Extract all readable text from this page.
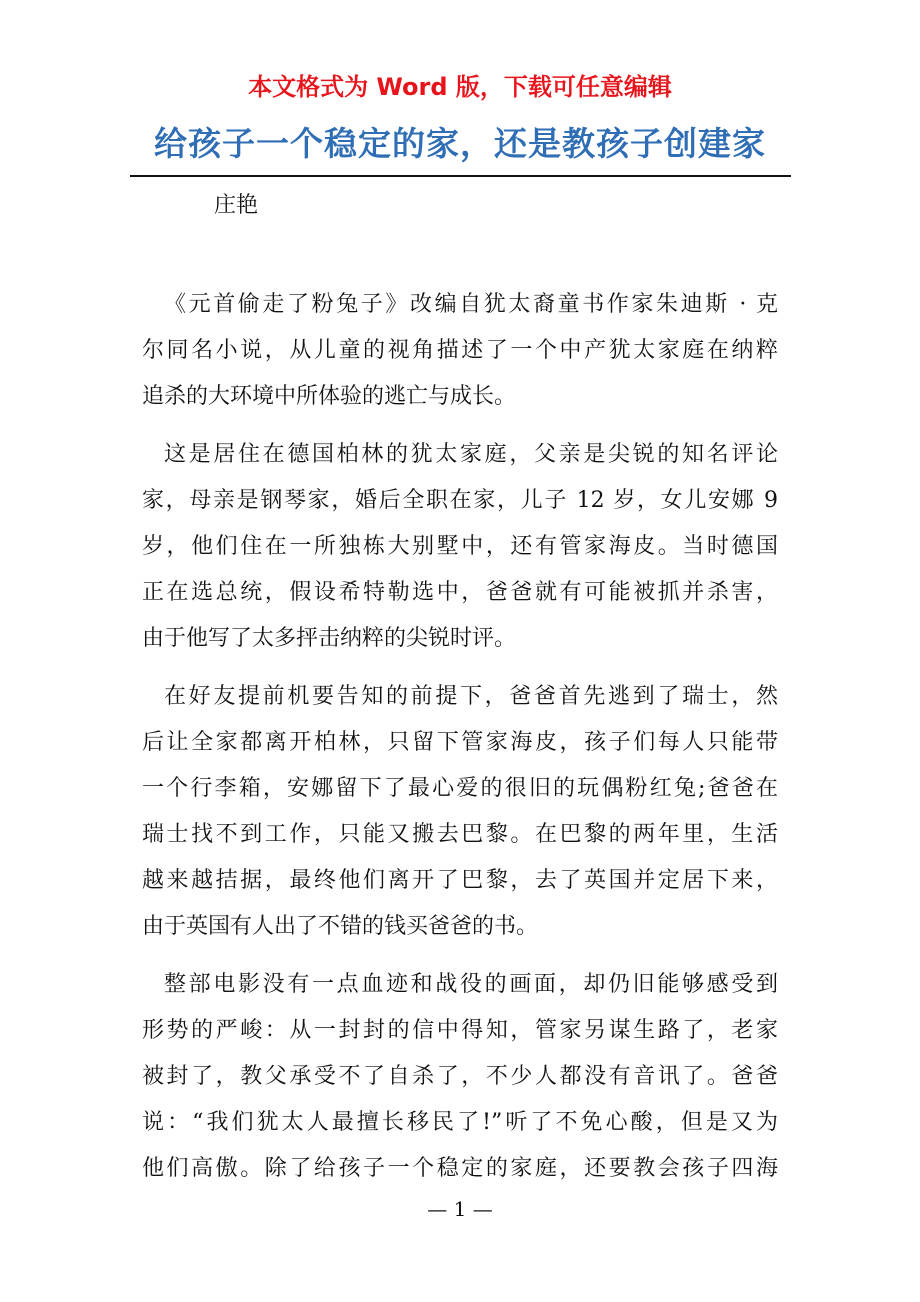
本文格式为 Word 版，下载可任意编辑
给孩子一个稳定的家，还是教孩子创建家
庄艳
《元首偷走了粉兔子》改编自犹太裔童书作家朱迪斯 · 克
尔同名小说，从儿童的视角描述了一个中产犹太家庭在纳粹
追杀的大环境中所体验的逃亡与成长。
这是居住在德国柏林的犹太家庭，父亲是尖锐的知名评论
家，母亲是钢琴家，婚后全职在家，儿子 12 岁，女儿安娜 9
岁，他们住在一所独栋大别墅中，还有管家海皮。当时德国
正在选总统，假设希特勒选中，爸爸就有可能被抓并杀害，
由于他写了太多抨击纳粹的尖锐时评。
在好友提前机要告知的前提下，爸爸首先逃到了瑞士，然
后让全家都离开柏林，只留下管家海皮，孩子们每人只能带
一个行李箱，安娜留下了最心爱的很旧的玩偶粉红兔;爸爸在
瑞士找不到工作，只能又搬去巴黎。在巴黎的两年里，生活
越来越拮据，最终他们离开了巴黎，去了英国并定居下来，
由于英国有人出了不错的钱买爸爸的书。
整部电影没有一点血迹和战役的画面，却仍旧能够感受到
形势的严峻：从一封封的信中得知，管家另谋生路了，老家
被封了，教父承受不了自杀了，不少人都没有音讯了。爸爸
说：“我们犹太人最擅长移民了!”听了不免心酸，但是又为
他们高傲。除了给孩子一个稳定的家庭，还要教会孩子四海
— 1 —
